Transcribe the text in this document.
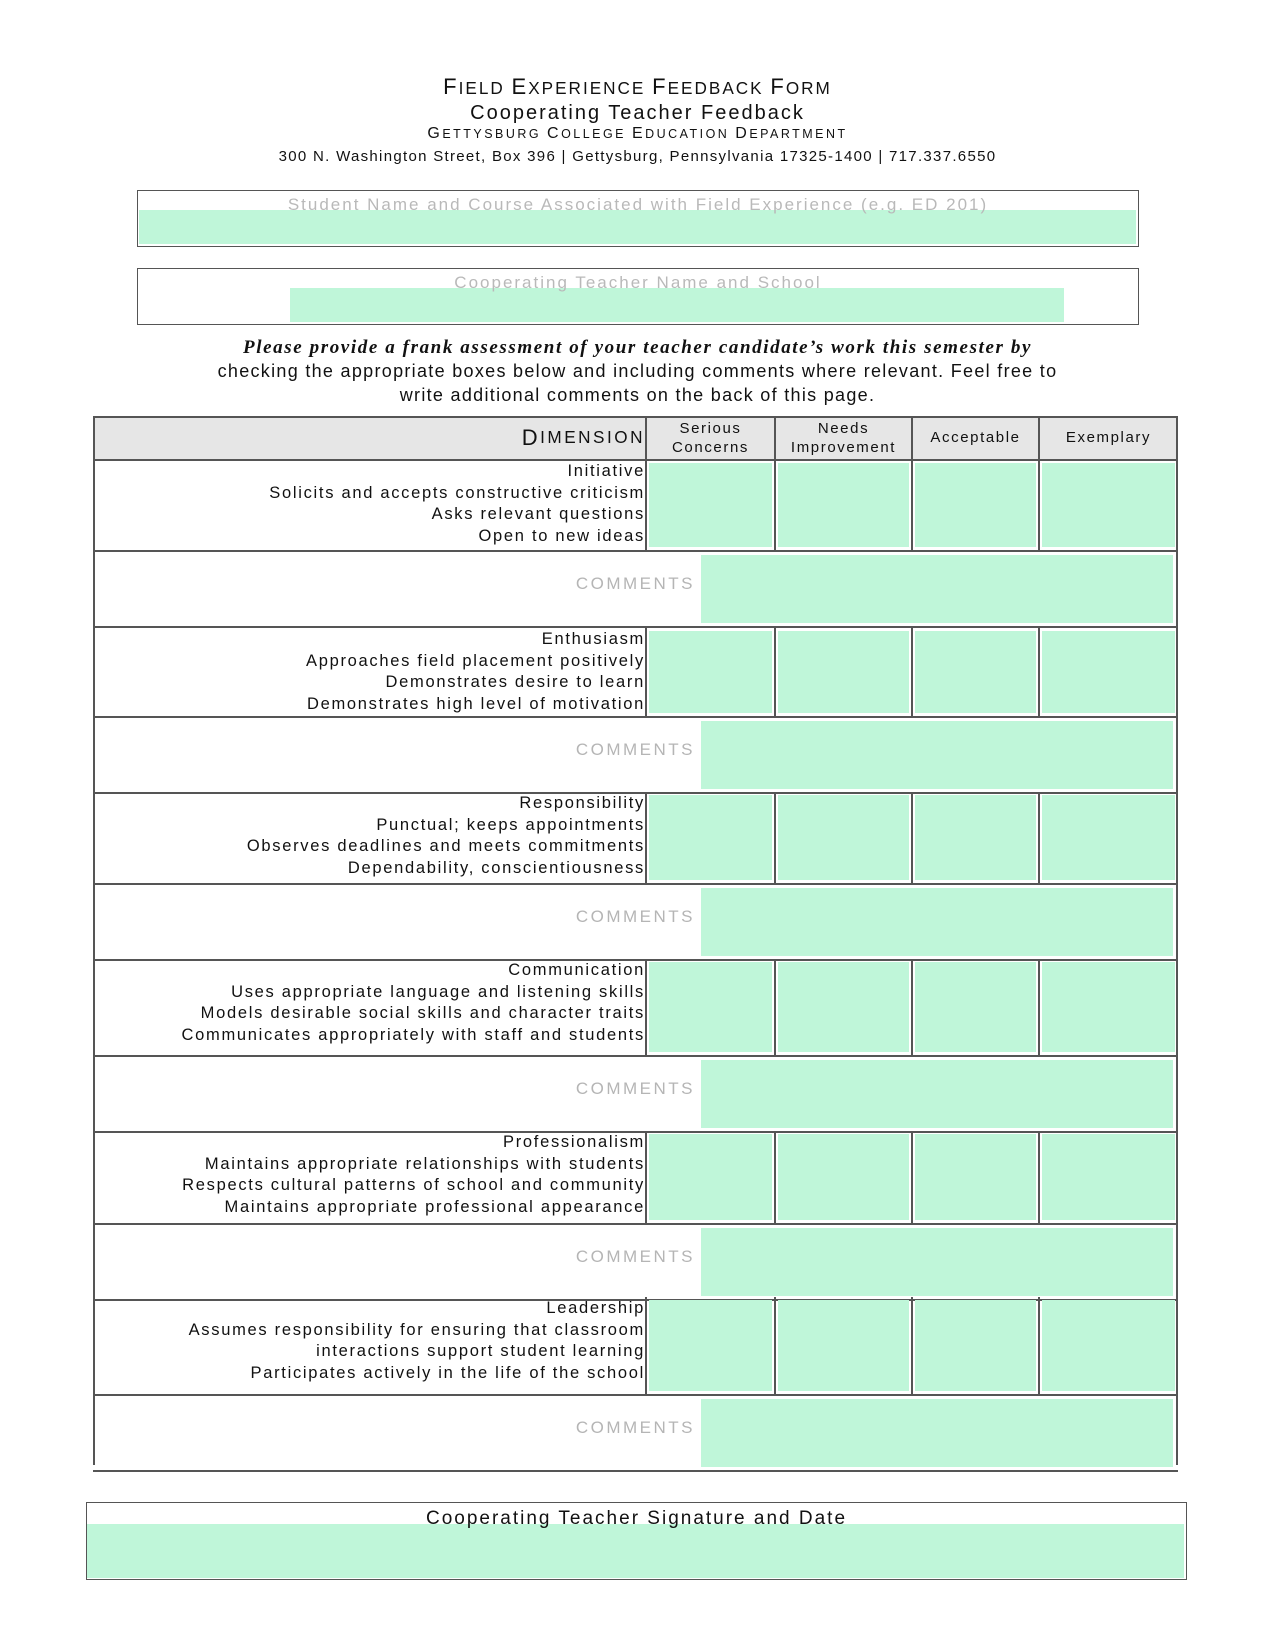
FIELD EXPERIENCE FEEDBACK FORM
Cooperating Teacher Feedback
GETTYSBURG COLLEGE EDUCATION DEPARTMENT
300 N. Washington Street, Box 396 | Gettysburg, Pennsylvania 17325-1400 | 717.337.6550
Student Name and Course Associated with Field Experience (e.g. ED 201)
Cooperating Teacher Name and School
Please provide a frank assessment of your teacher candidate’s work this semester by
checking the appropriate boxes below and including comments where relevant. Feel free to
write additional comments on the back of this page.
D IMENSION	Serious
Concerns
Needs
Improvement
Acceptable	Exemplary
Initiative
Solicits and accepts constructive criticism
Asks relevant questions
Open to new ideas
COMMENTS
Enthusiasm
Approaches field placement positively
Demonstrates desire to learn
Demonstrates high level of motivation
COMMENTS
Responsibility
Punctual; keeps appointments
Observes deadlines and meets commitments
Dependability, conscientiousness
COMMENTS
Communication
Uses appropriate language and listening skills
Models desirable social skills and character traits
Communicates appropriately with staff and students
COMMENTS
Professionalism
Maintains appropriate relationships with students
Respects cultural patterns of school and community
Maintains appropriate professional appearance
COMMENTS
Leadership
Assumes responsibility for ensuring that classroom
interactions support student learning
Participates actively in the life of the school
COMMENTS
Cooperating Teacher Signature and Date
